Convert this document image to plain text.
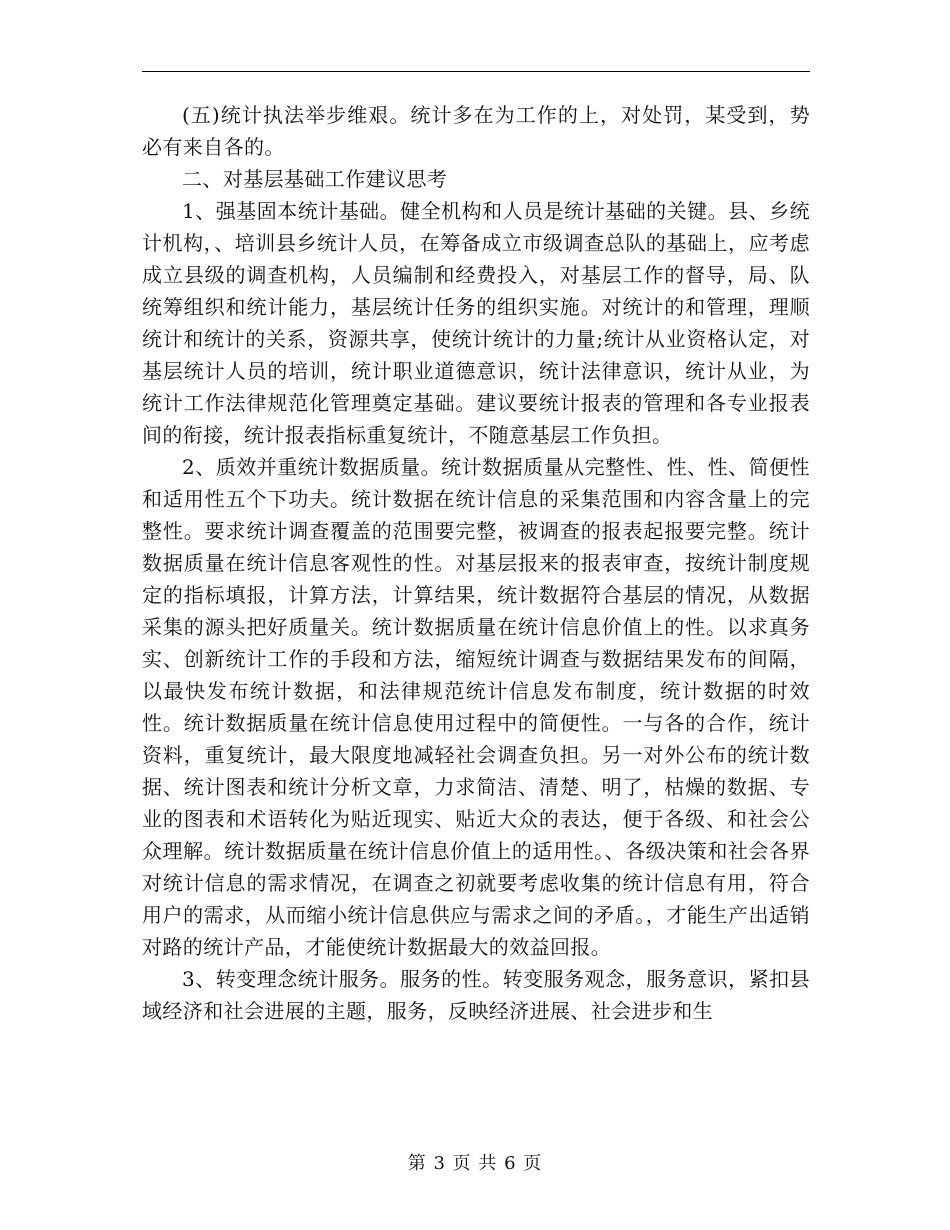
(五)统计执法举步维艰。统计多在为工作的上，对处罚，某受到，势必有来自各的。

二、对基层基础工作建议思考

1、强基固本统计基础。健全机构和人员是统计基础的关键。县、乡统计机构，、培训县乡统计人员，在筹备成立市级调查总队的基础上，应考虑成立县级的调查机构，人员编制和经费投入，对基层工作的督导，局、队统筹组织和统计能力，基层统计任务的组织实施。对统计的和管理，理顺统计和统计的关系，资源共享，使统计统计的力量;统计从业资格认定，对基层统计人员的培训，统计职业道德意识，统计法律意识，统计从业，为统计工作法律规范化管理奠定基础。建议要统计报表的管理和各专业报表间的衔接，统计报表指标重复统计，不随意基层工作负担。

2、质效并重统计数据质量。统计数据质量从完整性、性、性、简便性和适用性五个下功夫。统计数据在统计信息的采集范围和内容含量上的完整性。要求统计调查覆盖的范围要完整，被调查的报表起报要完整。统计数据质量在统计信息客观性的性。对基层报来的报表审查，按统计制度规定的指标填报，计算方法，计算结果，统计数据符合基层的情况，从数据采集的源头把好质量关。统计数据质量在统计信息价值上的性。以求真务实、创新统计工作的手段和方法，缩短统计调查与数据结果发布的间隔，以最快发布统计数据，和法律规范统计信息发布制度，统计数据的时效性。统计数据质量在统计信息使用过程中的简便性。一与各的合作，统计资料，重复统计，最大限度地减轻社会调查负担。另一对外公布的统计数据、统计图表和统计分析文章，力求简洁、清楚、明了，枯燥的数据、专业的图表和术语转化为贴近现实、贴近大众的表达，便于各级、和社会公众理解。统计数据质量在统计信息价值上的适用性。、各级决策和社会各界对统计信息的需求情况，在调查之初就要考虑收集的统计信息有用，符合用户的需求，从而缩小统计信息供应与需求之间的矛盾。，才能生产出适销对路的统计产品，才能使统计数据最大的效益回报。

3、转变理念统计服务。服务的性。转变服务观念，服务意识，紧扣县域经济和社会进展的主题，服务，反映经济进展、社会进步和生

第 3 页 共 6 页
